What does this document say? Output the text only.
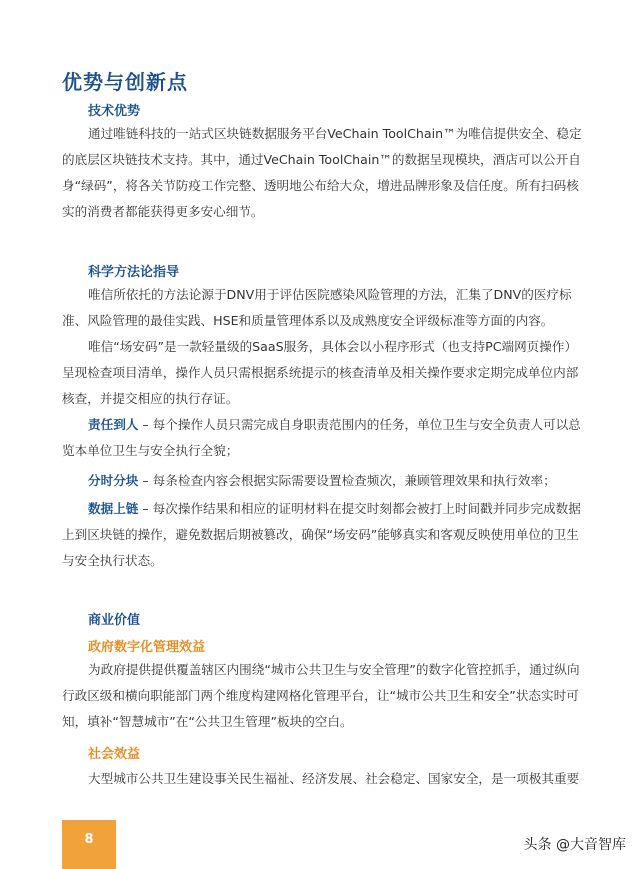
优势与创新点
技术优势

通过唯链科技的一站式区块链数据服务平台VeChain ToolChain™为唯信提供安全、稳定的底层区块链技术支持。其中，通过VeChain ToolChain™的数据呈现模块，酒店可以公开自身“绿码”，将各关节防疫工作完整、透明地公布给大众，增进品牌形象及信任度。所有扫码核实的消费者都能获得更多安心细节。

科学方法论指导

唯信所依托的方法论源于DNV用于评估医院感染风险管理的方法，汇集了DNV的医疗标准、风险管理的最佳实践、HSE和质量管理体系以及成熟度安全评级标准等方面的内容。

唯信“场安码”是一款轻量级的SaaS服务，具体会以小程序形式（也支持PC端网页操作）呈现检查项目清单，操作人员只需根据系统提示的核查清单及相关操作要求定期完成单位内部核查，并提交相应的执行存证。

责任到人 – 每个操作人员只需完成自身职责范围内的任务，单位卫生与安全负责人可以总览本单位卫生与安全执行全貌；

分时分块 – 每条检查内容会根据实际需要设置检查频次，兼顾管理效果和执行效率；

数据上链 – 每次操作结果和相应的证明材料在提交时刻都会被打上时间戳并同步完成数据上到区块链的操作，避免数据后期被篡改，确保“场安码”能够真实和客观反映使用单位的卫生与安全执行状态。

商业价值
政府数字化管理效益

为政府提供提供覆盖辖区内围绕“城市公共卫生与安全管理”的数字化管控抓手，通过纵向行政区级和横向职能部门两个维度构建网格化管理平台，让“城市公共卫生和安全”状态实时可知，填补“智慧城市”在“公共卫生管理”板块的空白。

社会效益

大型城市公共卫生建设事关民生福祉、经济发展、社会稳定、国家安全，是一项极其重要

8	头条 @大音智库
